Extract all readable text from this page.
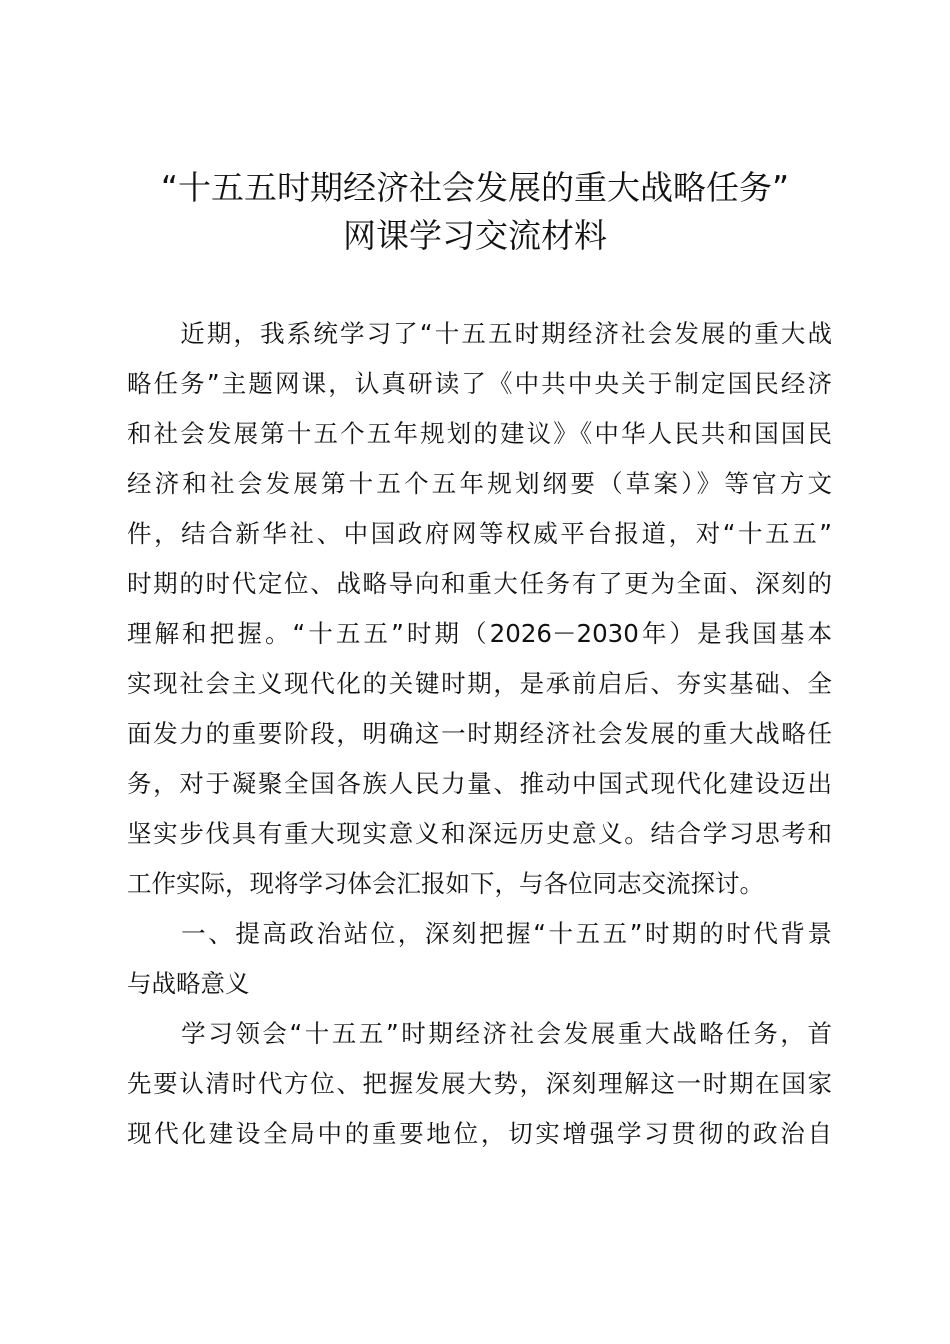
“十五五时期经济社会发展的重大战略任务”
网课学习交流材料

　　近期，我系统学习了“十五五时期经济社会发展的重大战
略任务”主题网课，认真研读了《中共中央关于制定国民经济
和社会发展第十五个五年规划的建议》《中华人民共和国国民
经济和社会发展第十五个五年规划纲要（草案）》等官方文
件，结合新华社、中国政府网等权威平台报道，对“十五五”
时期的时代定位、战略导向和重大任务有了更为全面、深刻的
理解和把握。“十五五”时期（2026－2030年）是我国基本
实现社会主义现代化的关键时期，是承前启后、夯实基础、全
面发力的重要阶段，明确这一时期经济社会发展的重大战略任
务，对于凝聚全国各族人民力量、推动中国式现代化建设迈出
坚实步伐具有重大现实意义和深远历史意义。结合学习思考和
工作实际，现将学习体会汇报如下，与各位同志交流探讨。

　　一、提高政治站位，深刻把握“十五五”时期的时代背景
与战略意义

　　学习领会“十五五”时期经济社会发展重大战略任务，首
先要认清时代方位、把握发展大势，深刻理解这一时期在国家
现代化建设全局中的重要地位，切实增强学习贯彻的政治自
